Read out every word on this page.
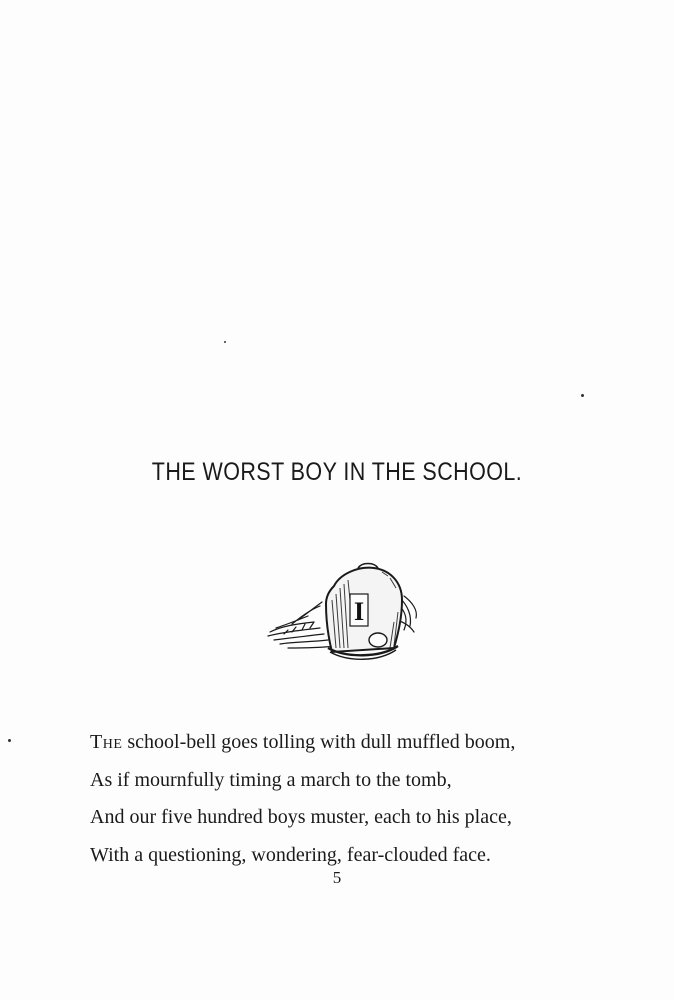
THE WORST BOY IN THE SCHOOL.
I
The school-bell goes tolling with dull muffled boom,
As if mournfully timing a march to the tomb,
And our five hundred boys muster, each to his place,
With a questioning, wondering, fear-clouded face.
5
